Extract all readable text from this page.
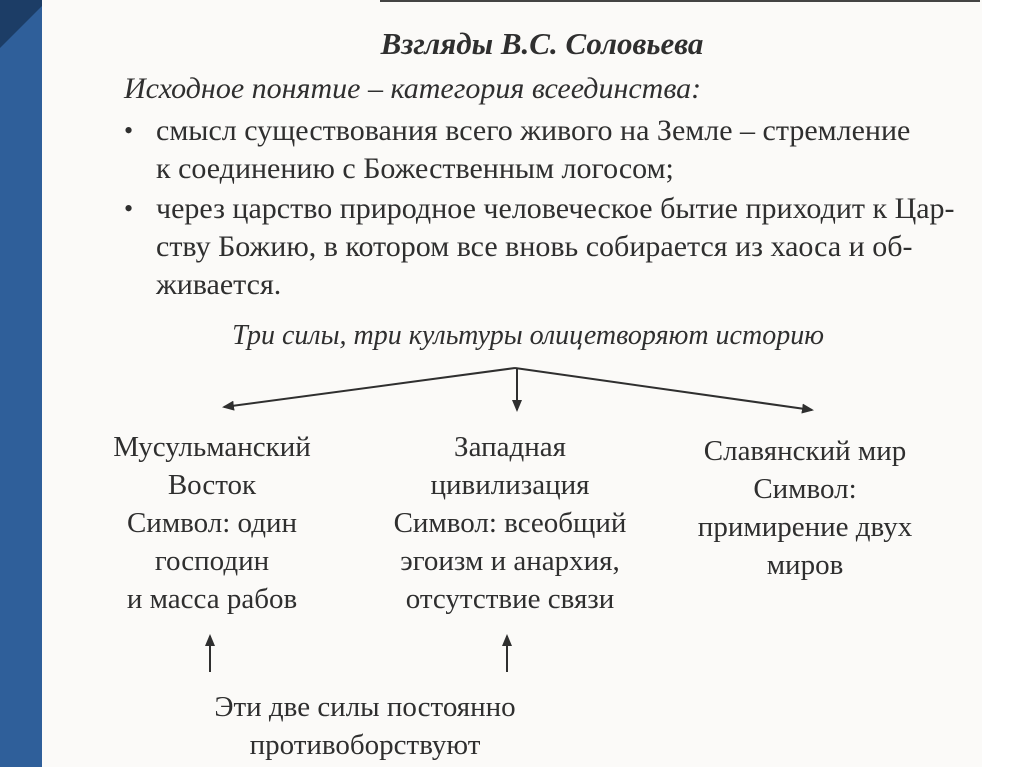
Взгляды В.С. Соловьева
Исходное понятие – категория всеединства:
• смысл существования всего живого на Земле – стремление
к соединению с Божественным логосом;
• через царство природное человеческое бытие приходит к Цар-
ству Божию, в котором все вновь собирается из хаоса и об-
живается.
Три силы, три культуры олицетворяют историю
Мусульманский
Восток
Символ: один
господин
и масса рабов
Западная
цивилизация
Символ: всеобщий
эгоизм и анархия,
отсутствие связи
Славянский мир
Символ:
примирение двух
миров
Эти две силы постоянно
противоборствуют
